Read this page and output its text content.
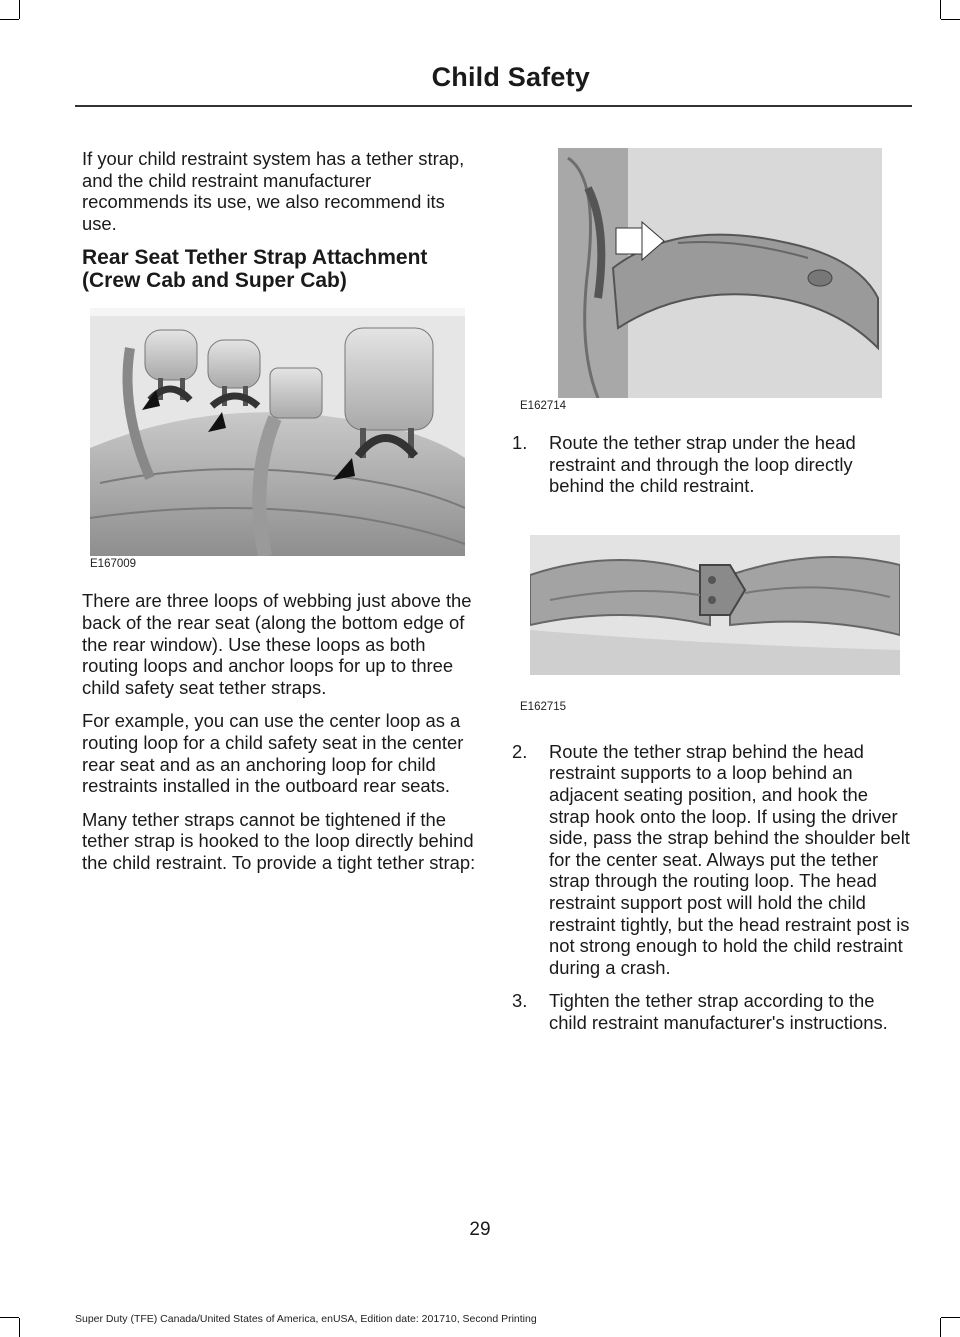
Child Safety

If your child restraint system has a tether strap, and the child restraint manufacturer recommends its use, we also recommend its use.

Rear Seat Tether Strap Attachment (Crew Cab and Super Cab)
E167009

There are three loops of webbing just above the back of the rear seat (along the bottom edge of the rear window). Use these loops as both routing loops and anchor loops for up to three child safety seat tether straps.

For example, you can use the center loop as a routing loop for a child safety seat in the center rear seat and as an anchoring loop for child restraints installed in the outboard rear seats.

Many tether straps cannot be tightened if the tether strap is hooked to the loop directly behind the child restraint. To provide a tight tether strap:

E162714
1. Route the tether strap under the head restraint and through the loop directly behind the child restraint.
E162715
2. Route the tether strap behind the head restraint supports to a loop behind an adjacent seating position, and hook the strap hook onto the loop. If using the driver side, pass the strap behind the shoulder belt for the center seat. Always put the tether strap through the routing loop. The head restraint support post will hold the child restraint tightly, but the head restraint post is not strong enough to hold the child restraint during a crash.
3. Tighten the tether strap according to the child restraint manufacturer's instructions.
29
Super Duty (TFE) Canada/United States of America, enUSA, Edition date: 201710, Second Printing
